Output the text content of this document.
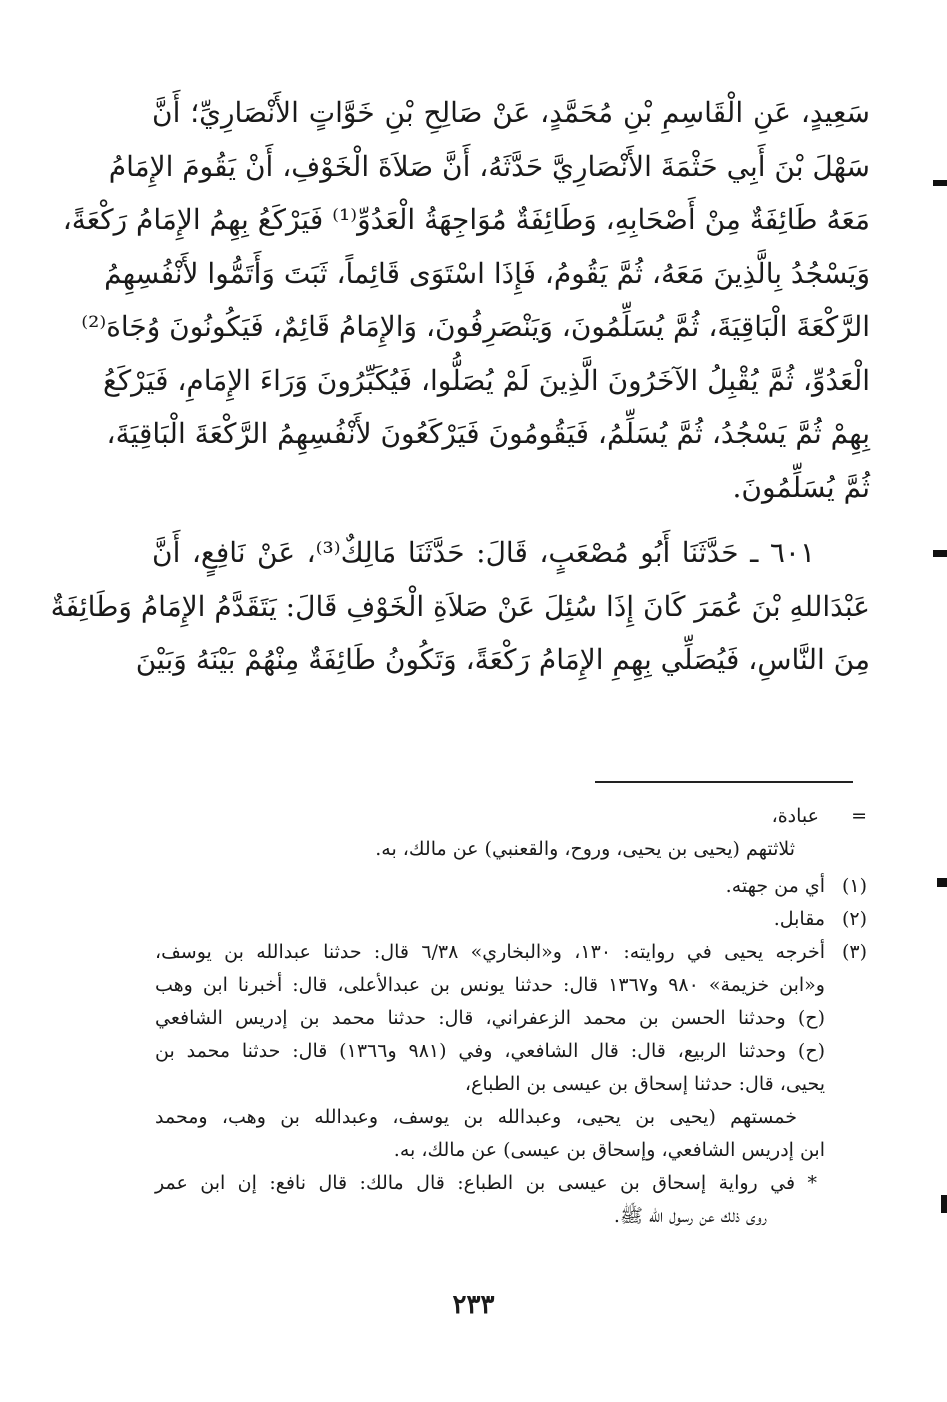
سَعِيدٍ، عَنِ الْقَاسِمِ بْنِ مُحَمَّدٍ، عَنْ صَالِحِ بْنِ خَوَّاتٍ الأَنْصَارِيِّ؛ أَنَّ
سَهْلَ بْنَ أَبِي حَثْمَةَ الأَنْصَارِيَّ حَدَّثَهُ، أَنَّ صَلاَةَ الْخَوْفِ، أَنْ يَقُومَ الإِمَامُ
مَعَهُ طَائِفَةٌ مِنْ أَصْحَابِهِ، وَطَائِفَةٌ مُوَاجِهَةُ الْعَدُوِّ⁽¹⁾ فَيَرْكَعُ بِهِمُ الإِمَامُ رَكْعَةً،
وَيَسْجُدُ بِالَّذِينَ مَعَهُ، ثُمَّ يَقُومُ، فَإِذَا اسْتَوَى قَائِماً، ثَبَتَ وَأَتَمُّوا لأَنْفُسِهِمُ
الرَّكْعَةَ الْبَاقِيَةَ، ثُمَّ يُسَلِّمُونَ، وَيَنْصَرِفُونَ، وَالإِمَامُ قَائِمٌ، فَيَكُونُونَ وُجَاهَ⁽²⁾
الْعَدُوِّ، ثُمَّ يُقْبِلُ الآخَرُونَ الَّذِينَ لَمْ يُصَلُّوا، فَيُكَبِّرُونَ وَرَاءَ الإِمَامِ، فَيَرْكَعُ
بِهِمْ ثُمَّ يَسْجُدُ، ثُمَّ يُسَلِّمُ، فَيَقُومُونَ فَيَرْكَعُونَ لأَنْفُسِهِمُ الرَّكْعَةَ الْبَاقِيَةَ،
ثُمَّ يُسَلِّمُونَ.
٦٠١ ـ حَدَّثَنَا أَبُو مُصْعَبٍ، قَالَ: حَدَّثَنَا مَالِكٌ⁽³⁾، عَنْ نَافِعٍ، أَنَّ
عَبْدَاللهِ بْنَ عُمَرَ كَانَ إِذَا سُئِلَ عَنْ صَلاَةِ الْخَوْفِ قَالَ: يَتَقَدَّمُ الإِمَامُ وَطَائِفَةٌ
مِنَ النَّاسِ، فَيُصَلِّي بِهِمِ الإِمَامُ رَكْعَةً، وَتَكُونُ طَائِفَةٌ مِنْهُمْ بَيْنَهُ وَبَيْنَ
=
عبادة،
ثلاثتهم (يحيى بن يحيى، وروح، والقعنبي) عن مالك، به.
(١)
أي من جهته.
(٢)
مقابل.
(٣)
أخرجه يحيى في روايته: ١٣٠، و«البخاري» ٦/٣٨ قال: حدثنا عبدالله بن يوسف،
و«ابن خزيمة» ٩٨٠ و١٣٦٧ قال: حدثنا يونس بن عبدالأعلى، قال: أخبرنا ابن وهب
(ح) وحدثنا الحسن بن محمد الزعفراني، قال: حدثنا محمد بن إدريس الشافعي
(ح) وحدثنا الربيع، قال: قال الشافعي، وفي (٩٨١ و١٣٦٦) قال: حدثنا محمد بن
يحيى، قال: حدثنا إسحاق بن عيسى بن الطباع،
خمستهم (يحيى بن يحيى، وعبدالله بن يوسف، وعبدالله بن وهب، ومحمد
ابن إدريس الشافعي، وإسحاق بن عيسى) عن مالك، به.
* في رواية إسحاق بن عيسى بن الطباع: قال مالك: قال نافع: إن ابن عمر
روى ذلك عن رسول الله ﷺ.
٢٣٣
